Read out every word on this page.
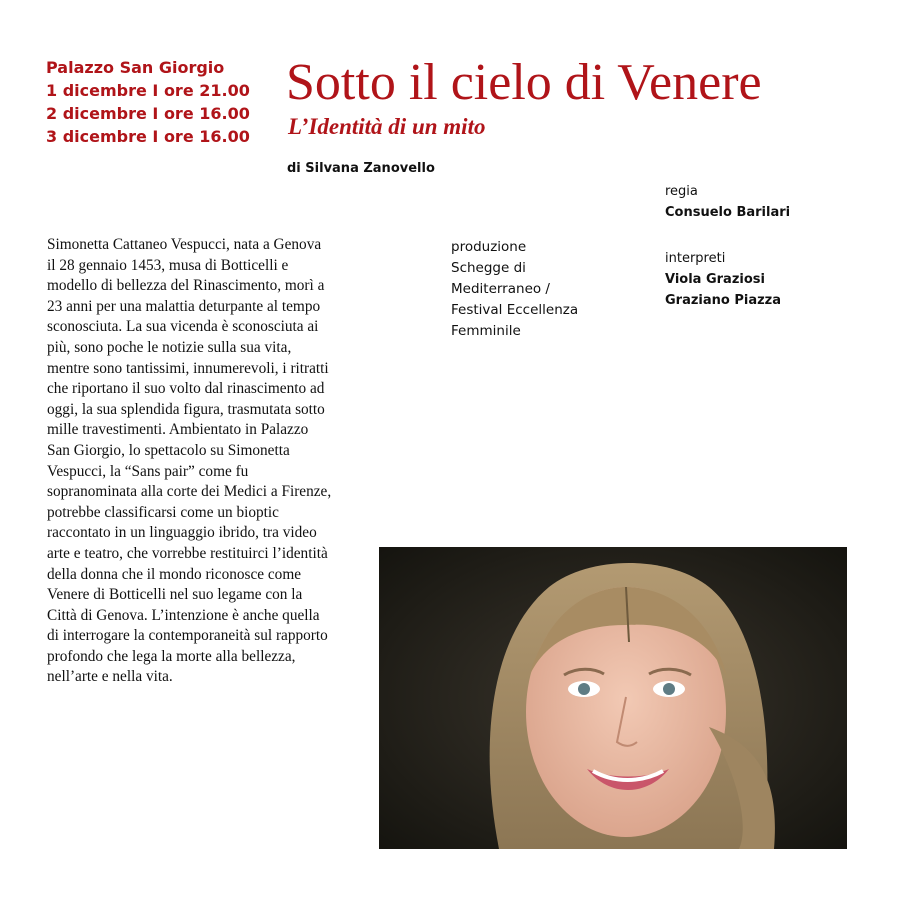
Palazzo San Giorgio
1 dicembre I ore 21.00
2 dicembre I ore 16.00
3 dicembre I ore 16.00
Sotto il cielo di Venere
L’Identità di un mito
di Silvana Zanovello
regia
Consuelo Barilari
interpreti
Viola Graziosi
Graziano Piazza
produzione
Schegge di Mediterraneo / Festival Eccellenza Femminile

Simonetta Cattaneo Vespucci, nata a Genova il 28 gennaio 1453, musa di Botticelli e modello di bellezza del Rinascimento, morì a 23 anni per una malattia deturpante al tempo sconosciuta. La sua vicenda è sconosciuta ai più, sono poche le notizie sulla sua vita, mentre sono tantissimi, innumerevoli, i ritratti che riportano il suo volto dal rinascimento ad oggi, la sua splendida figura, trasmutata sotto mille travestimenti. Ambientato in Palazzo San Giorgio, lo spettacolo su Simonetta Vespucci, la “Sans pair” come fu sopranominata alla corte dei Medici a Firenze, potrebbe classificarsi come un bioptic raccontato in un linguaggio ibrido, tra video arte e teatro, che vorrebbe restituirci l’identità della donna che il mondo riconosce come Venere di Botticelli nel suo legame con la Città di Genova. L’intenzione è anche quella di interrogare la contemporaneità sul rapporto profondo che lega la morte alla bellezza, nell’arte e nella vita.
